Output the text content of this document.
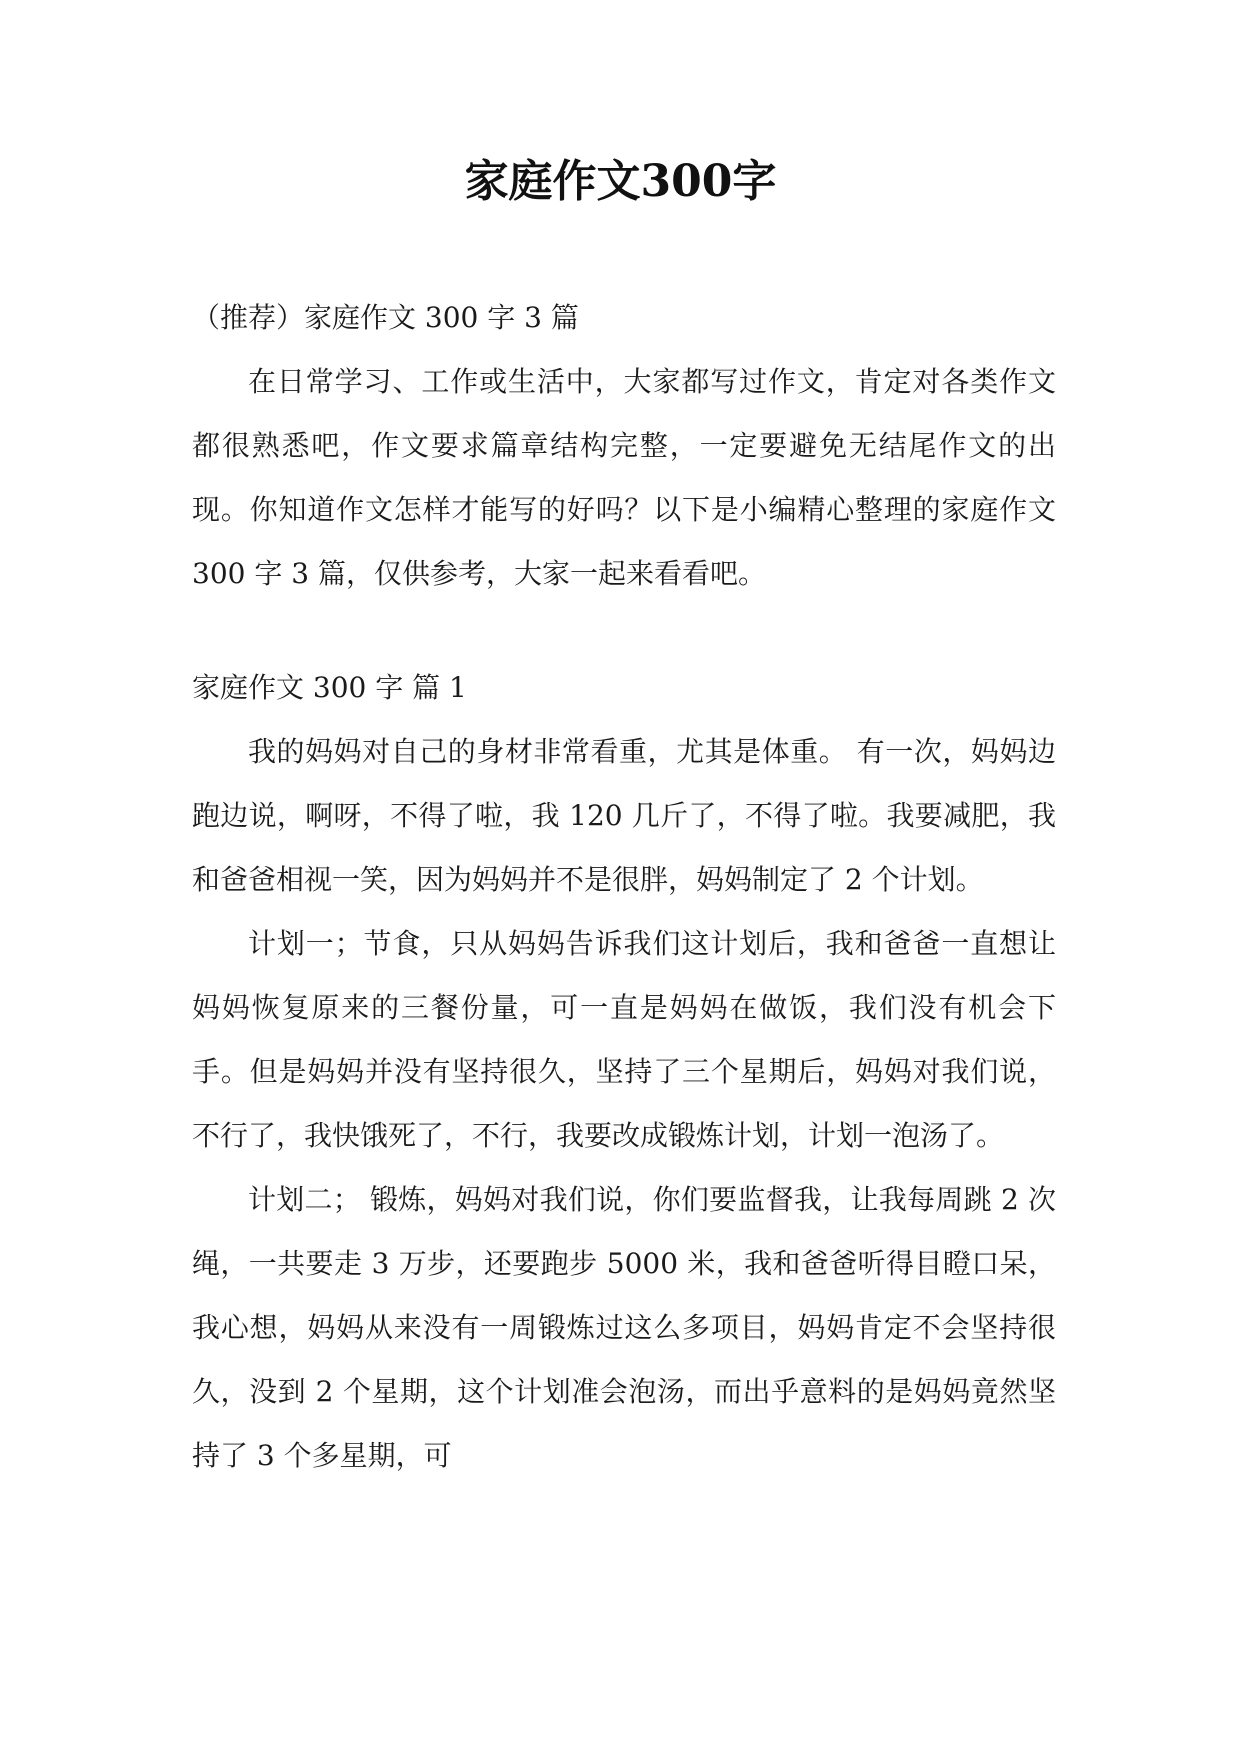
家庭作文300字

（推荐）家庭作文 300 字 3 篇

在日常学习、工作或生活中，大家都写过作文，肯定对各类作文都很熟悉吧，作文要求篇章结构完整，一定要避免无结尾作文的出现。你知道作文怎样才能写的好吗？以下是小编精心整理的家庭作文 300 字 3 篇，仅供参考，大家一起来看看吧。

家庭作文 300 字 篇 1

我的妈妈对自己的身材非常看重，尤其是体重。 有一次，妈妈边跑边说，啊呀，不得了啦，我 120 几斤了，不得了啦。我要减肥，我和爸爸相视一笑，因为妈妈并不是很胖，妈妈制定了 2 个计划。

计划一；节食，只从妈妈告诉我们这计划后，我和爸爸一直想让妈妈恢复原来的三餐份量，可一直是妈妈在做饭，我们没有机会下手。但是妈妈并没有坚持很久，坚持了三个星期后，妈妈对我们说，不行了，我快饿死了，不行，我要改成锻炼计划，计划一泡汤了。

计划二； 锻炼，妈妈对我们说，你们要监督我，让我每周跳 2 次绳，一共要走 3 万步，还要跑步 5000 米，我和爸爸听得目瞪口呆，我心想，妈妈从来没有一周锻炼过这么多项目，妈妈肯定不会坚持很久，没到 2 个星期，这个计划准会泡汤，而出乎意料的是妈妈竟然坚持了 3 个多星期，可
